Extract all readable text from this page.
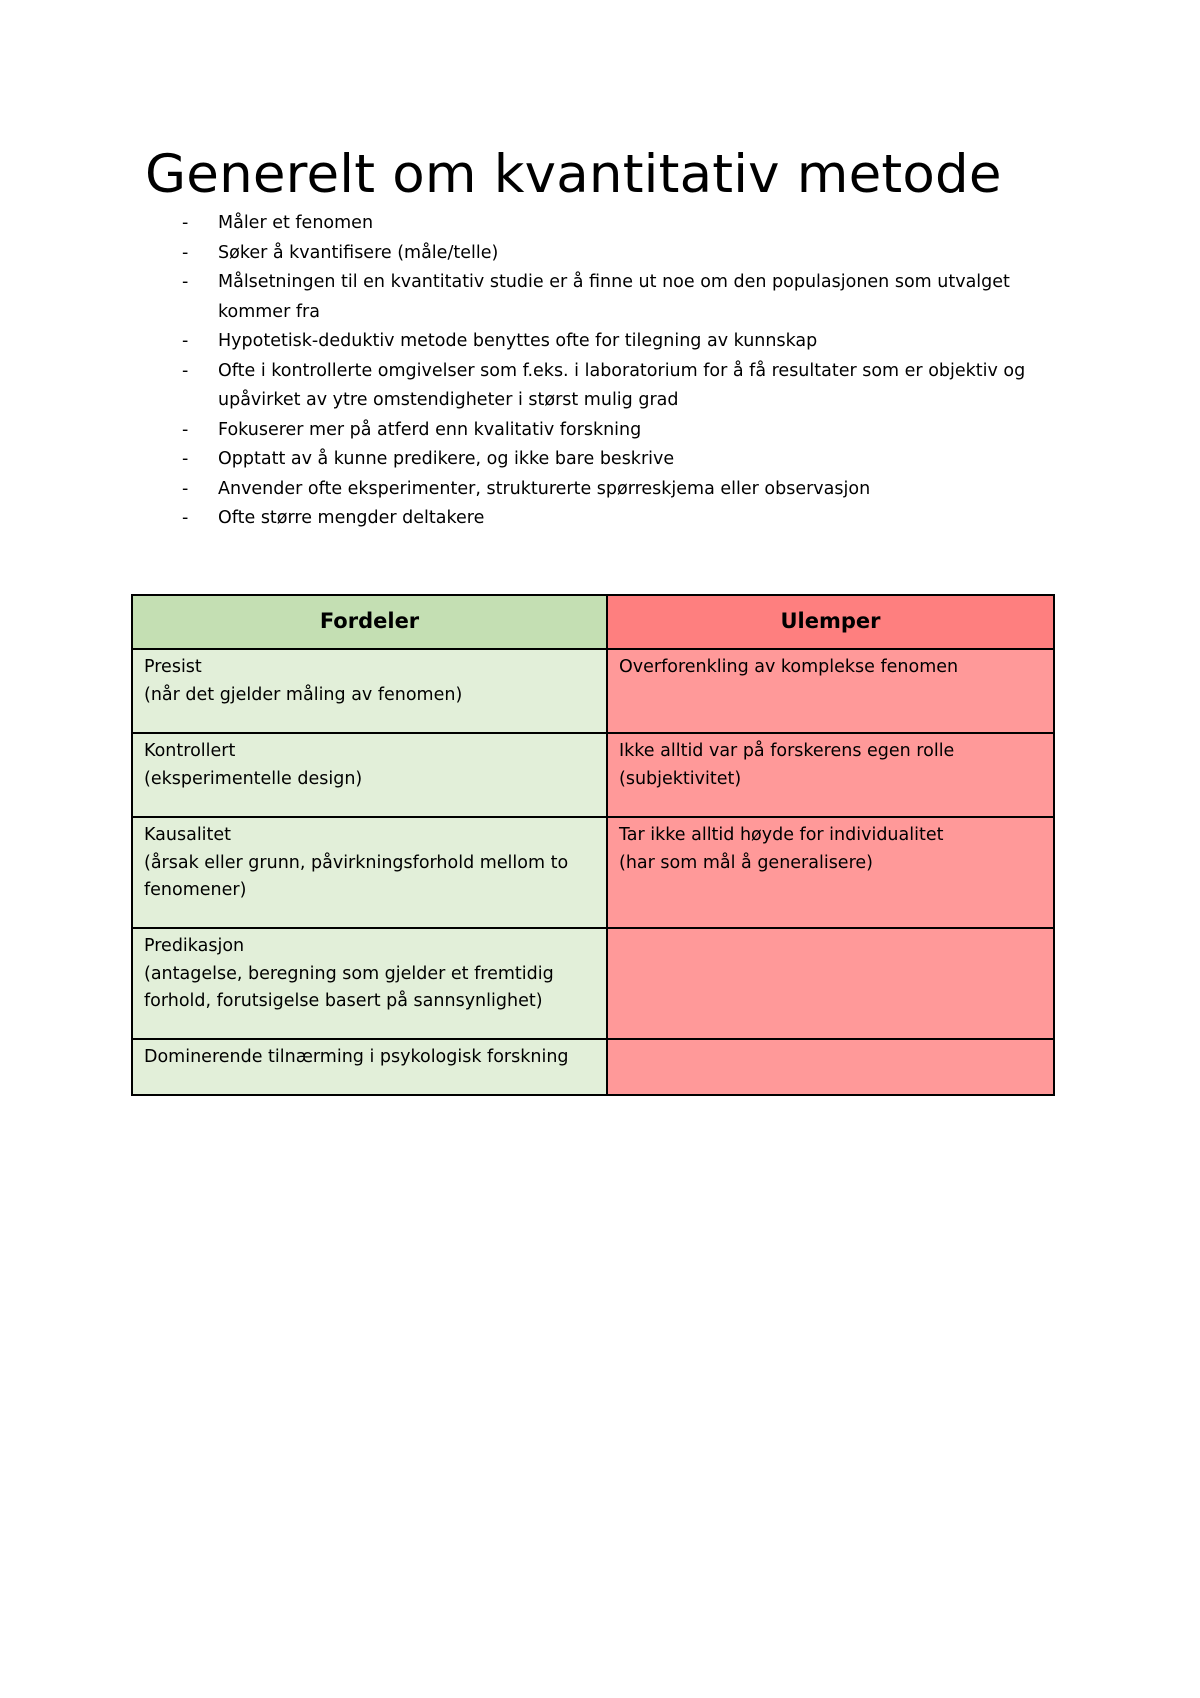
Generelt om kvantitativ metode
- Måler et fenomen
- Søker å kvantifisere (måle/telle)
- Målsetningen til en kvantitativ studie er å finne ut noe om den populasjonen som utvalget kommer fra
- Hypotetisk-deduktiv metode benyttes ofte for tilegning av kunnskap
- Ofte i kontrollerte omgivelser som f.eks. i laboratorium for å få resultater som er objektiv og upåvirket av ytre omstendigheter i størst mulig grad
- Fokuserer mer på atferd enn kvalitativ forskning
- Opptatt av å kunne predikere, og ikke bare beskrive
- Anvender ofte eksperimenter, strukturerte spørreskjema eller observasjon
- Ofte større mengder deltakere
Fordeler	Ulemper

Presist
(når det gjelder måling av fenomen)	Overforenkling av komplekse fenomen

Kontrollert
(eksperimentelle design)	Ikke alltid var på forskerens egen rolle
(subjektivitet)

Kausalitet
(årsak eller grunn, påvirkningsforhold mellom to fenomener)	Tar ikke alltid høyde for individualitet
(har som mål å generalisere)

Predikasjon
(antagelse, beregning som gjelder et fremtidig forhold, forutsigelse basert på sannsynlighet)	

Dominerende tilnærming i psykologisk forskning	
